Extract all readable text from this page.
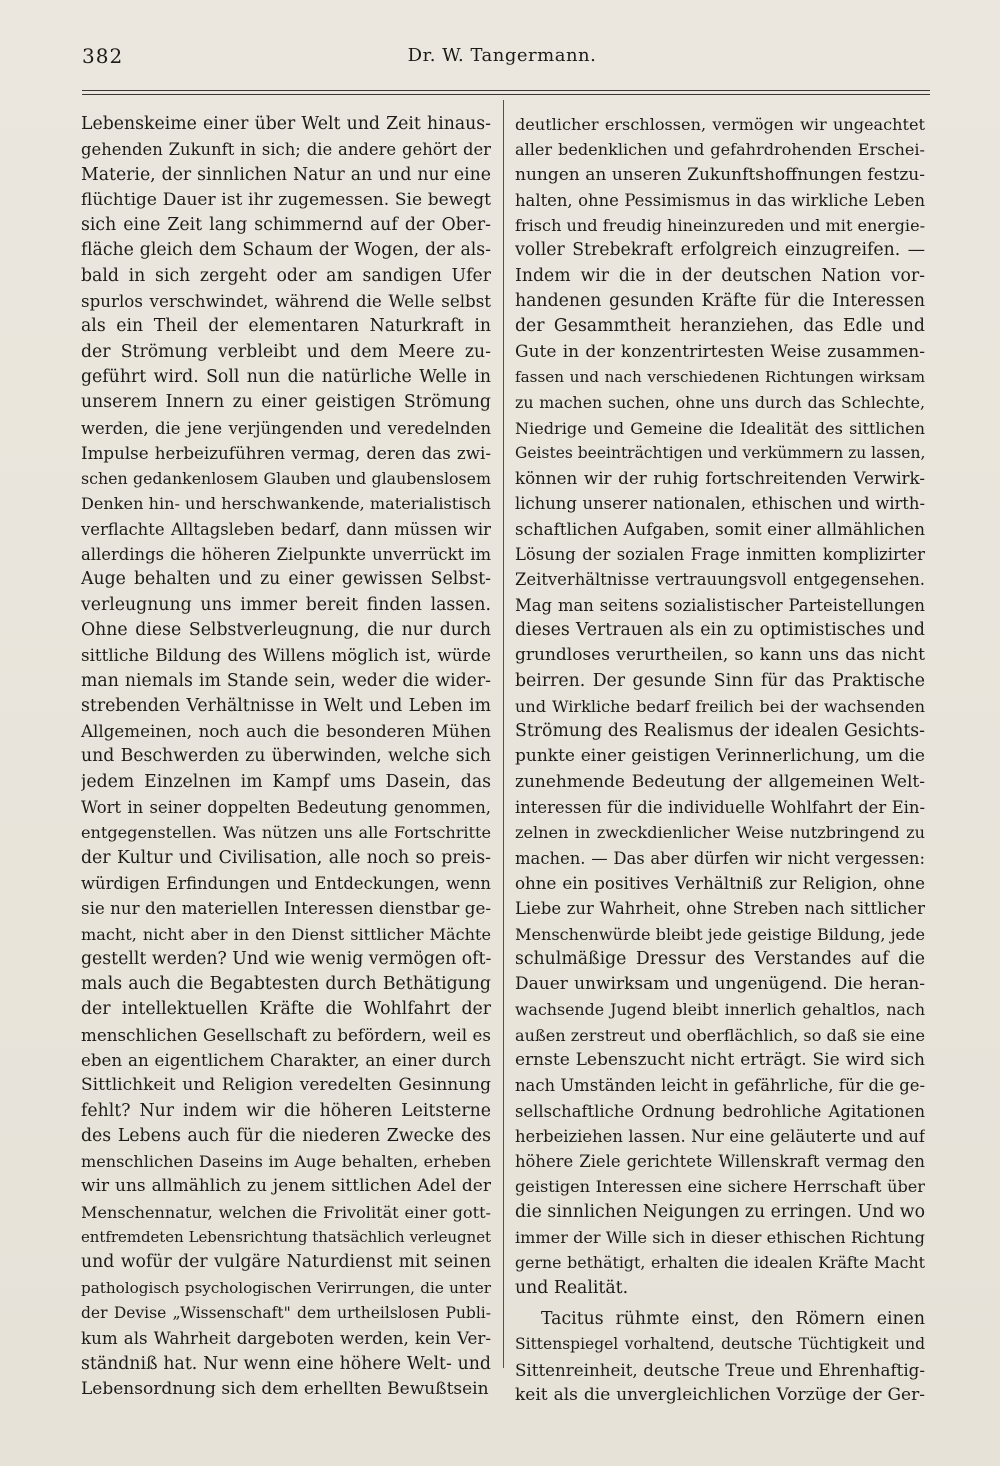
382	Dr. W. Tangermann.
Lebenskeime einer über Welt und Zeit hinaus-
gehenden Zukunft in sich; die andere gehört der
Materie, der sinnlichen Natur an und nur eine
flüchtige Dauer ist ihr zugemessen. Sie bewegt
sich eine Zeit lang schimmernd auf der Ober-
fläche gleich dem Schaum der Wogen, der als-
bald in sich zergeht oder am sandigen Ufer
spurlos verschwindet, während die Welle selbst
als ein Theil der elementaren Naturkraft in
der Strömung verbleibt und dem Meere zu-
geführt wird. Soll nun die natürliche Welle in
unserem Innern zu einer geistigen Strömung
werden, die jene verjüngenden und veredelnden
Impulse herbeizuführen vermag, deren das zwi-
schen gedankenlosem Glauben und glaubenslosem
Denken hin- und herschwankende, materialistisch
verflachte Alltagsleben bedarf, dann müssen wir
allerdings die höheren Zielpunkte unverrückt im
Auge behalten und zu einer gewissen Selbst-
verleugnung uns immer bereit finden lassen.
Ohne diese Selbstverleugnung, die nur durch
sittliche Bildung des Willens möglich ist, würde
man niemals im Stande sein, weder die wider-
strebenden Verhältnisse in Welt und Leben im
Allgemeinen, noch auch die besonderen Mühen
und Beschwerden zu überwinden, welche sich
jedem Einzelnen im Kampf ums Dasein, das
Wort in seiner doppelten Bedeutung genommen,
entgegenstellen. Was nützen uns alle Fortschritte
der Kultur und Civilisation, alle noch so preis-
würdigen Erfindungen und Entdeckungen, wenn
sie nur den materiellen Interessen dienstbar ge-
macht, nicht aber in den Dienst sittlicher Mächte
gestellt werden? Und wie wenig vermögen oft-
mals auch die Begabtesten durch Bethätigung
der intellektuellen Kräfte die Wohlfahrt der
menschlichen Gesellschaft zu befördern, weil es
eben an eigentlichem Charakter, an einer durch
Sittlichkeit und Religion veredelten Gesinnung
fehlt? Nur indem wir die höheren Leitsterne
des Lebens auch für die niederen Zwecke des
menschlichen Daseins im Auge behalten, erheben
wir uns allmählich zu jenem sittlichen Adel der
Menschennatur, welchen die Frivolität einer gott-
entfremdeten Lebensrichtung thatsächlich verleugnet
und wofür der vulgäre Naturdienst mit seinen
pathologisch psychologischen Verirrungen, die unter
der Devise „Wissenschaft" dem urtheilslosen Publi-
kum als Wahrheit dargeboten werden, kein Ver-
ständniß hat. Nur wenn eine höhere Welt- und
Lebensordnung sich dem erhellten Bewußtsein
deutlicher erschlossen, vermögen wir ungeachtet
aller bedenklichen und gefahrdrohenden Erschei-
nungen an unseren Zukunftshoffnungen festzu-
halten, ohne Pessimismus in das wirkliche Leben
frisch und freudig hineinzureden und mit energie-
voller Strebekraft erfolgreich einzugreifen. —
Indem wir die in der deutschen Nation vor-
handenen gesunden Kräfte für die Interessen
der Gesammtheit heranziehen, das Edle und
Gute in der konzentrirtesten Weise zusammen-
fassen und nach verschiedenen Richtungen wirksam
zu machen suchen, ohne uns durch das Schlechte,
Niedrige und Gemeine die Idealität des sittlichen
Geistes beeinträchtigen und verkümmern zu lassen,
können wir der ruhig fortschreitenden Verwirk-
lichung unserer nationalen, ethischen und wirth-
schaftlichen Aufgaben, somit einer allmählichen
Lösung der sozialen Frage inmitten komplizirter
Zeitverhältnisse vertrauungsvoll entgegensehen.
Mag man seitens sozialistischer Parteistellungen
dieses Vertrauen als ein zu optimistisches und
grundloses verurtheilen, so kann uns das nicht
beirren. Der gesunde Sinn für das Praktische
und Wirkliche bedarf freilich bei der wachsenden
Strömung des Realismus der idealen Gesichts-
punkte einer geistigen Verinnerlichung, um die
zunehmende Bedeutung der allgemeinen Welt-
interessen für die individuelle Wohlfahrt der Ein-
zelnen in zweckdienlicher Weise nutzbringend zu
machen. — Das aber dürfen wir nicht vergessen:
ohne ein positives Verhältniß zur Religion, ohne
Liebe zur Wahrheit, ohne Streben nach sittlicher
Menschenwürde bleibt jede geistige Bildung, jede
schulmäßige Dressur des Verstandes auf die
Dauer unwirksam und ungenügend. Die heran-
wachsende Jugend bleibt innerlich gehaltlos, nach
außen zerstreut und oberflächlich, so daß sie eine
ernste Lebenszucht nicht erträgt. Sie wird sich
nach Umständen leicht in gefährliche, für die ge-
sellschaftliche Ordnung bedrohliche Agitationen
herbeiziehen lassen. Nur eine geläuterte und auf
höhere Ziele gerichtete Willenskraft vermag den
geistigen Interessen eine sichere Herrschaft über
die sinnlichen Neigungen zu erringen. Und wo
immer der Wille sich in dieser ethischen Richtung
gerne bethätigt, erhalten die idealen Kräfte Macht
und Realität.
Tacitus rühmte einst, den Römern einen
Sittenspiegel vorhaltend, deutsche Tüchtigkeit und
Sittenreinheit, deutsche Treue und Ehrenhaftig-
keit als die unvergleichlichen Vorzüge der Ger-
